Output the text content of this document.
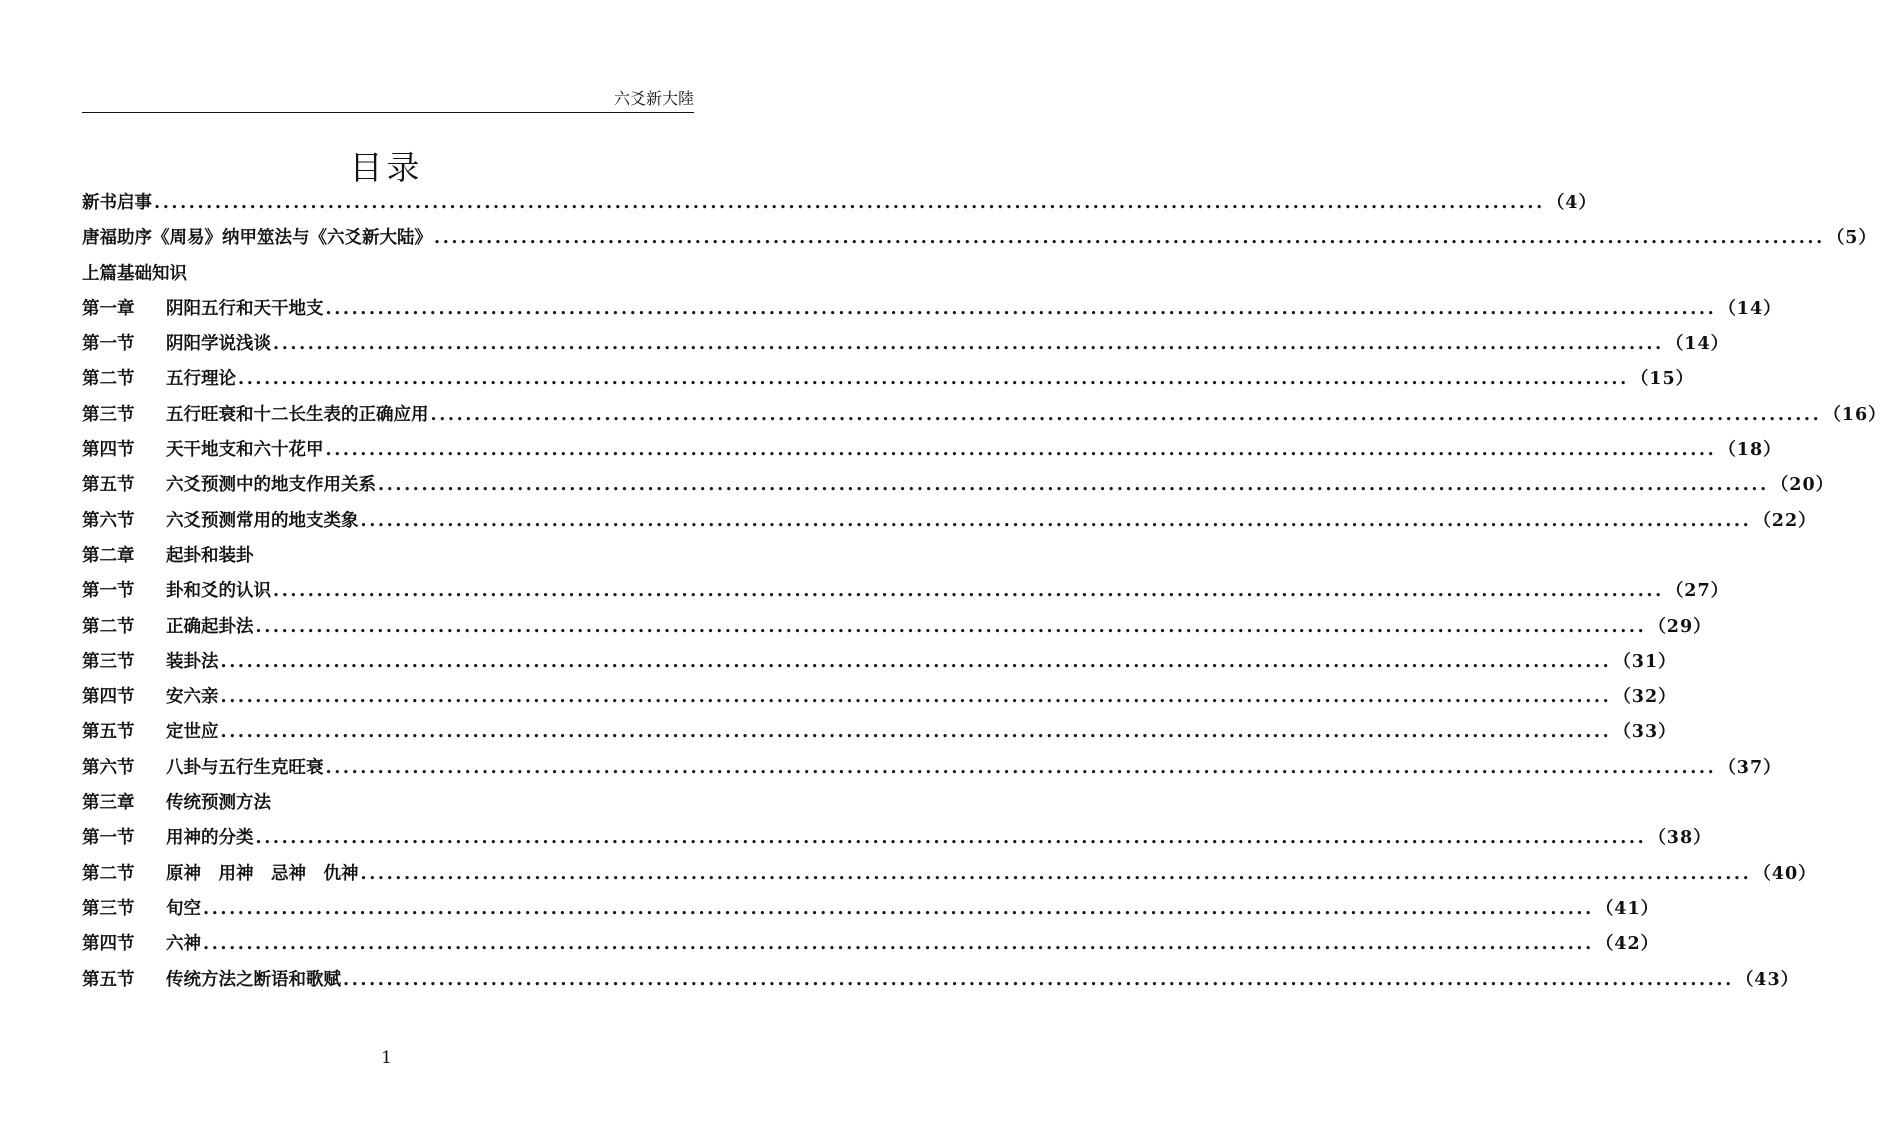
六爻新大陸
目录
新书启事 ................................................................................................................................................................ （4）
唐福助序《周易》纳甲筮法与《六爻新大陆》 ................................................................................................................................................................ （5）
上篇基础知识
第一章 阴阳五行和天干地支 ................................................................................................................................................................ （14）
第一节 阴阳学说浅谈 ................................................................................................................................................................ （14）
第二节 五行理论 ................................................................................................................................................................ （15）
第三节 五行旺衰和十二长生表的正确应用 ................................................................................................................................................................ （16）
第四节 天干地支和六十花甲 ................................................................................................................................................................ （18）
第五节 六爻预测中的地支作用关系 ................................................................................................................................................................ （20）
第六节 六爻预测常用的地支类象 ................................................................................................................................................................ （22）
第二章 起卦和装卦
第一节 卦和爻的认识 ................................................................................................................................................................ （27）
第二节 正确起卦法 ................................................................................................................................................................ （29）
第三节 装卦法 ................................................................................................................................................................ （31）
第四节 安六亲 ................................................................................................................................................................ （32）
第五节 定世应 ................................................................................................................................................................ （33）
第六节 八卦与五行生克旺衰 ................................................................................................................................................................ （37）
第三章 传统预测方法
第一节 用神的分类 ................................................................................................................................................................ （38）
第二节 原神　用神　忌神　仇神 ................................................................................................................................................................ （40）
第三节 旬空 ................................................................................................................................................................ （41）
第四节 六神 ................................................................................................................................................................ （42）
第五节 传统方法之断语和歌赋 ................................................................................................................................................................ （43）
1
